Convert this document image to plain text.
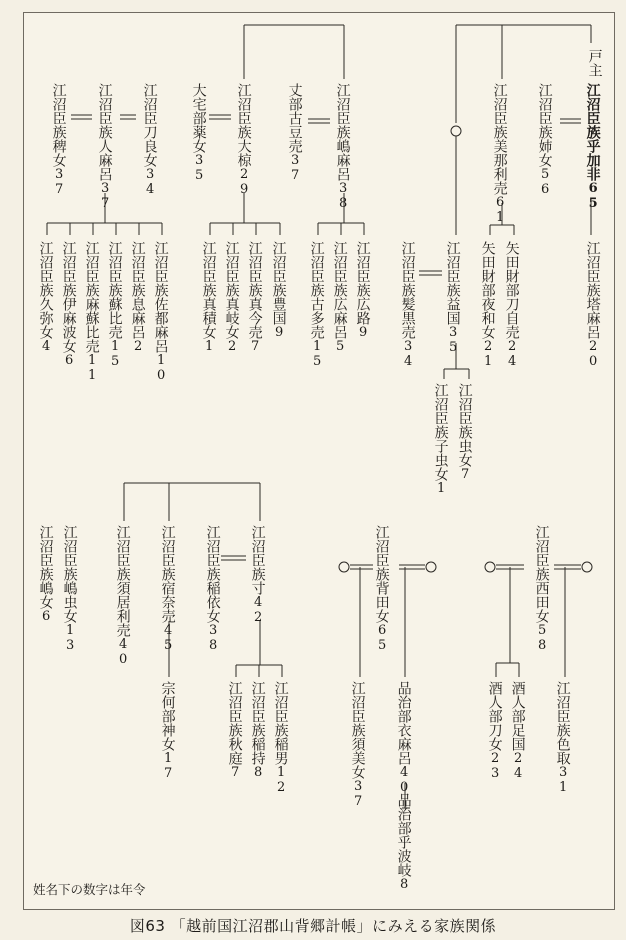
戸主
江沼臣族乎加非65
江沼臣族塔麻呂20
江沼臣族姉女56
江沼臣族美那利売61
矢田財部刀自売24
矢田財部夜和女21
江沼臣族益国35
江沼臣族髪黒売34
江沼臣族虫女7
江沼臣族子虫女1
江沼臣族嶋麻呂38
丈部古豆売37
江沼臣族広路9
江沼臣族広麻呂5
江沼臣族古多売15
江沼臣族大椋29
大宅部薬女35
江沼臣族豊国9
江沼臣族真今売7
江沼臣族真岐女2
江沼臣族真積女1
江沼臣刀良女34
江沼臣族人麻呂37
江沼臣族稗女37
江沼臣族佐都麻呂10
江沼臣族息麻呂2
江沼臣族蘇比売15
江沼臣族麻蘇比売11
江沼臣族伊麻波女6
江沼臣族久弥女4
江沼臣族寸42
江沼臣族稲依女38
江沼臣族稲男12
江沼臣族稲持8
江沼臣族秋庭7
江沼臣族宿奈売45
宗何部神女17
江沼臣族須居利売40
江沼臣族嶋虫女13
江沼臣族嶋女6	江沼臣族背田女65
江沼臣族須美女37
品治部衣麻呂40
品治部乎波岐8
江沼臣族西田女58
江沼臣族色取31
酒人部足国24
酒人部刀女23
姓名下の数字は年令
図63 「越前国江沼郡山背郷計帳」にみえる家族関係
